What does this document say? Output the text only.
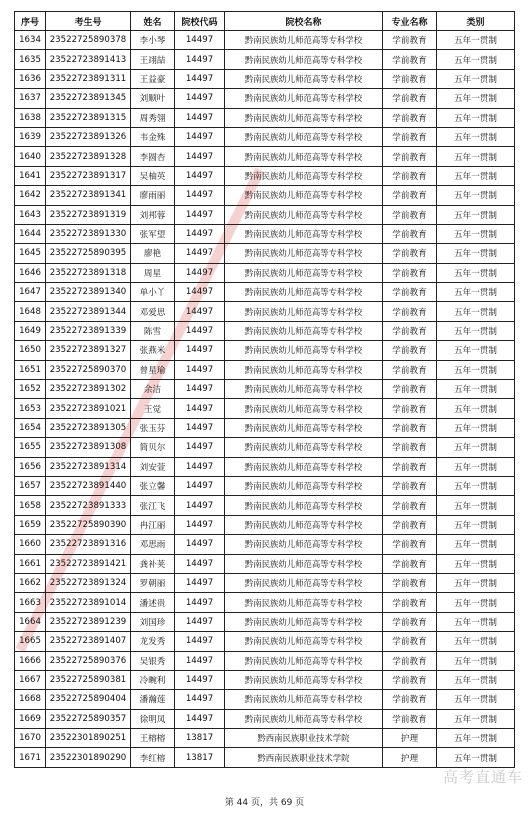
序号	考生号	姓名	院校代码	院校名称	专业名称	类别
1634	23522725890378	李小琴	14497	黔南民族幼儿师范高等专科学校	学前教育	五年一贯制
1635	23522723891413	王翊喆	14497	黔南民族幼儿师范高等专科学校	学前教育	五年一贯制
1636	23522723891311	王益豪	14497	黔南民族幼儿师范高等专科学校	学前教育	五年一贯制
1637	23522723891345	刘顺叶	14497	黔南民族幼儿师范高等专科学校	学前教育	五年一贯制
1638	23522723891315	周秀翎	14497	黔南民族幼儿师范高等专科学校	学前教育	五年一贯制
1639	23522723891326	韦金殊	14497	黔南民族幼儿师范高等专科学校	学前教育	五年一贯制
1640	23522723891328	李圆杏	14497	黔南民族幼儿师范高等专科学校	学前教育	五年一贯制
1641	23522723891317	吴柚英	14497	黔南民族幼儿师范高等专科学校	学前教育	五年一贯制
1642	23522723891341	廖雨丽	14497	黔南民族幼儿师范高等专科学校	学前教育	五年一贯制
1643	23522723891319	刘邦蓉	14497	黔南民族幼儿师范高等专科学校	学前教育	五年一贯制
1644	23522723891330	张军望	14497	黔南民族幼儿师范高等专科学校	学前教育	五年一贯制
1645	23522725890395	廖艳	14497	黔南民族幼儿师范高等专科学校	学前教育	五年一贯制
1646	23522723891318	周星	14497	黔南民族幼儿师范高等专科学校	学前教育	五年一贯制
1647	23522723891340	单小丫	14497	黔南民族幼儿师范高等专科学校	学前教育	五年一贯制
1648	23522723891344	邓爱思	14497	黔南民族幼儿师范高等专科学校	学前教育	五年一贯制
1649	23522723891339	陈雪	14497	黔南民族幼儿师范高等专科学校	学前教育	五年一贯制
1650	23522723891327	张燕米	14497	黔南民族幼儿师范高等专科学校	学前教育	五年一贯制
1651	23522725890370	曾星瑜	14497	黔南民族幼儿师范高等专科学校	学前教育	五年一贯制
1652	23522723891302	余洁	14497	黔南民族幼儿师范高等专科学校	学前教育	五年一贯制
1653	23522723891021	王觉	14497	黔南民族幼儿师范高等专科学校	学前教育	五年一贯制
1654	23522723891305	张玉芬	14497	黔南民族幼儿师范高等专科学校	学前教育	五年一贯制
1655	23522723891308	简贝尔	14497	黔南民族幼儿师范高等专科学校	学前教育	五年一贯制
1656	23522723891314	刘安萱	14497	黔南民族幼儿师范高等专科学校	学前教育	五年一贯制
1657	23522723891440	张立馨	14497	黔南民族幼儿师范高等专科学校	学前教育	五年一贯制
1658	23522723891333	张江飞	14497	黔南民族幼儿师范高等专科学校	学前教育	五年一贯制
1659	23522725890390	冉江丽	14497	黔南民族幼儿师范高等专科学校	学前教育	五年一贯制
1660	23522723891316	邓思雨	14497	黔南民族幼儿师范高等专科学校	学前教育	五年一贯制
1661	23522723891421	龚补荚	14497	黔南民族幼儿师范高等专科学校	学前教育	五年一贯制
1662	23522723891324	罗朝丽	14497	黔南民族幼儿师范高等专科学校	学前教育	五年一贯制
1663	23522723891014	潘述贵	14497	黔南民族幼儿师范高等专科学校	学前教育	五年一贯制
1664	23522723891239	刘国珍	14497	黔南民族幼儿师范高等专科学校	学前教育	五年一贯制
1665	23522723891407	龙发秀	14497	黔南民族幼儿师范高等专科学校	学前教育	五年一贯制
1666	23522725890376	吴银秀	14497	黔南民族幼儿师范高等专科学校	学前教育	五年一贯制
1667	23522725890381	冷畹利	14497	黔南民族幼儿师范高等专科学校	学前教育	五年一贯制
1668	23522725890404	潘瀚莲	14497	黔南民族幼儿师范高等专科学校	学前教育	五年一贯制
1669	23522725890357	徐明凤	14497	黔南民族幼儿师范高等专科学校	学前教育	五年一贯制
1670	23522301890251	王榕榕	13817	黔西南民族职业技术学院	护理	五年一贯制
1671	23522301890290	李红榕	13817	黔西南民族职业技术学院	护理	五年一贯制
高考直通车
第 44 页，共 69 页
